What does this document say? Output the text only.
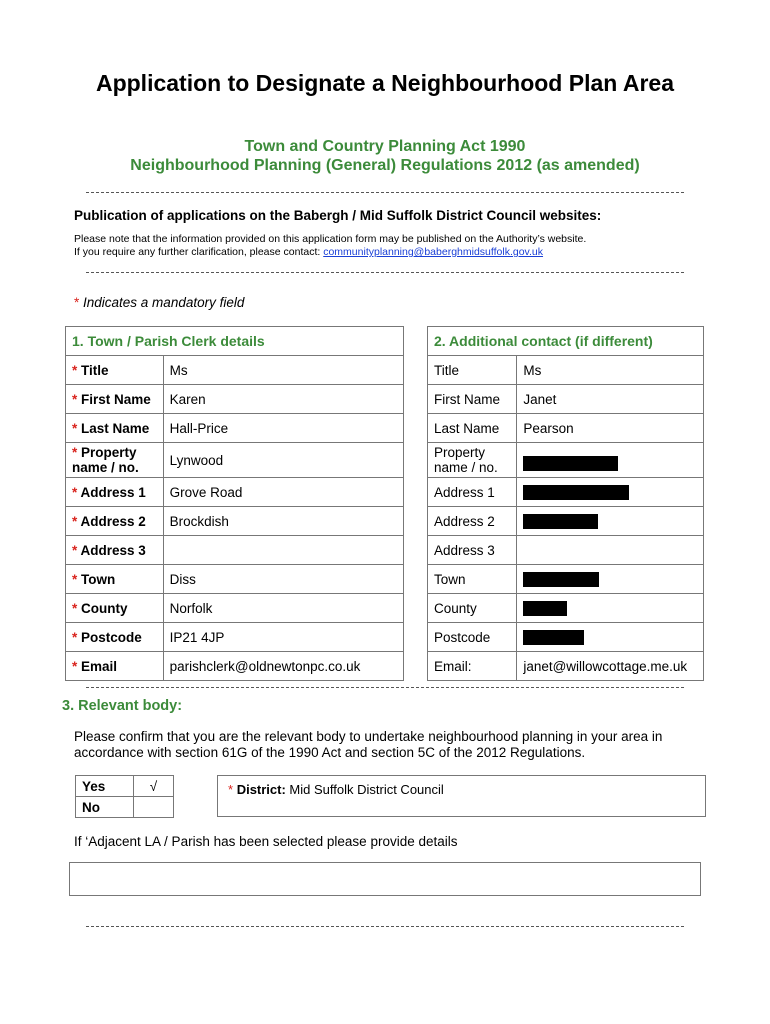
Application to Designate a Neighbourhood Plan Area
Town and Country Planning Act 1990
Neighbourhood Planning (General) Regulations 2012 (as amended)
Publication of applications on the Babergh / Mid Suffolk District Council websites:
Please note that the information provided on this application form may be published on the Authority’s website.
If you require any further clarification, please contact: communityplanning@baberghmidsuffolk.gov.uk
* Indicates a mandatory field
1. Town / Parish Clerk details	
* Title	Ms
* First Name	Karen
* Last Name	Hall-Price
* Property name / no.	Lynwood
* Address 1	Grove Road
* Address 2	Brockdish
* Address 3	
* Town	Diss
* County	Norfolk
* Postcode	IP21 4JP
* Email	parishclerk@oldnewtonpc.co.uk
2. Additional contact (if different)	
Title	Ms
First Name	Janet
Last Name	Pearson
Property name / no.	
Address 1	
Address 2	
Address 3	
Town	
County	
Postcode	
Email:	janet@willowcottage.me.uk
3. Relevant body:
Please confirm that you are the relevant body to undertake neighbourhood planning in your area in accordance with section 61G of the 1990 Act and section 5C of the 2012 Regulations.
Yes	√
No	
* District: Mid Suffolk District Council
If ‘Adjacent LA / Parish has been selected please provide details
